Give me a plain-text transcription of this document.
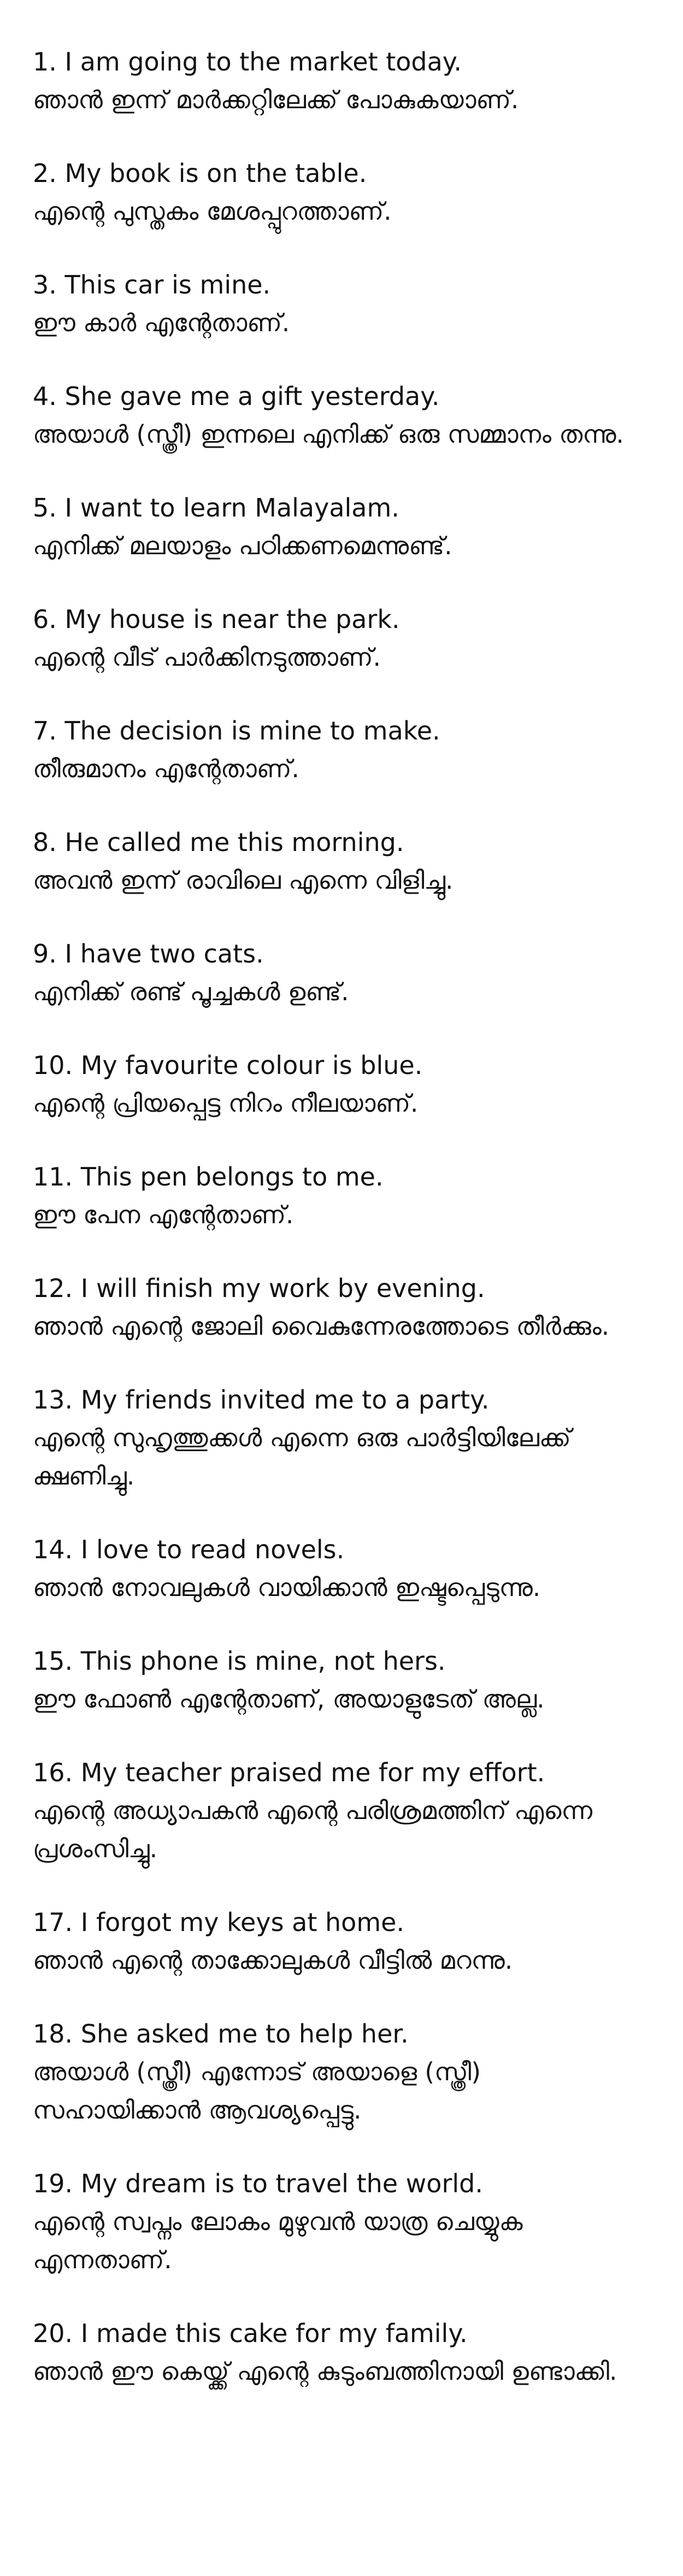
1. I am going to the market today.
ഞാൻ ഇന്ന് മാർക്കറ്റിലേക്ക് പോകുകയാണ്.
2. My book is on the table.
എന്റെ പുസ്തകം മേശപ്പുറത്താണ്.
3. This car is mine.
ഈ കാർ എന്റേതാണ്.
4. She gave me a gift yesterday.
അയാൾ (സ്ത്രീ) ഇന്നലെ എനിക്ക് ഒരു സമ്മാനം തന്നു.
5. I want to learn Malayalam.
എനിക്ക് മലയാളം പഠിക്കണമെന്നുണ്ട്.
6. My house is near the park.
എന്റെ വീട് പാർക്കിനടുത്താണ്.
7. The decision is mine to make.
തീരുമാനം എന്റേതാണ്.
8. He called me this morning.
അവൻ ഇന്ന് രാവിലെ എന്നെ വിളിച്ചു.
9. I have two cats.
എനിക്ക് രണ്ട് പൂച്ചകൾ ഉണ്ട്.
10. My favourite colour is blue.
എന്റെ പ്രിയപ്പെട്ട നിറം നീലയാണ്.
11. This pen belongs to me.
ഈ പേന എന്റേതാണ്.
12. I will finish my work by evening.
ഞാൻ എന്റെ ജോലി വൈകുന്നേരത്തോടെ തീർക്കും.
13. My friends invited me to a party.
എന്റെ സുഹൃത്തുക്കൾ എന്നെ ഒരു പാർട്ടിയിലേക്ക് ക്ഷണിച്ചു.
14. I love to read novels.
ഞാൻ നോവലുകൾ വായിക്കാൻ ഇഷ്ടപ്പെടുന്നു.
15. This phone is mine, not hers.
ഈ ഫോൺ എന്റേതാണ്, അയാളുടേത് അല്ല.
16. My teacher praised me for my effort.
എന്റെ അധ്യാപകൻ എന്റെ പരിശ്രമത്തിന് എന്നെ പ്രശംസിച്ചു.
17. I forgot my keys at home.
ഞാൻ എന്റെ താക്കോലുകൾ വീട്ടിൽ മറന്നു.
18. She asked me to help her.
അയാൾ (സ്ത്രീ) എന്നോട് അയാളെ (സ്ത്രീ) സഹായിക്കാൻ ആവശ്യപ്പെട്ടു.
19. My dream is to travel the world.
എന്റെ സ്വപ്നം ലോകം മുഴുവൻ യാത്ര ചെയ്യുക എന്നതാണ്.
20. I made this cake for my family.
ഞാൻ ഈ കെയ്ക്ക് എന്റെ കുടുംബത്തിനായി ഉണ്ടാക്കി.
